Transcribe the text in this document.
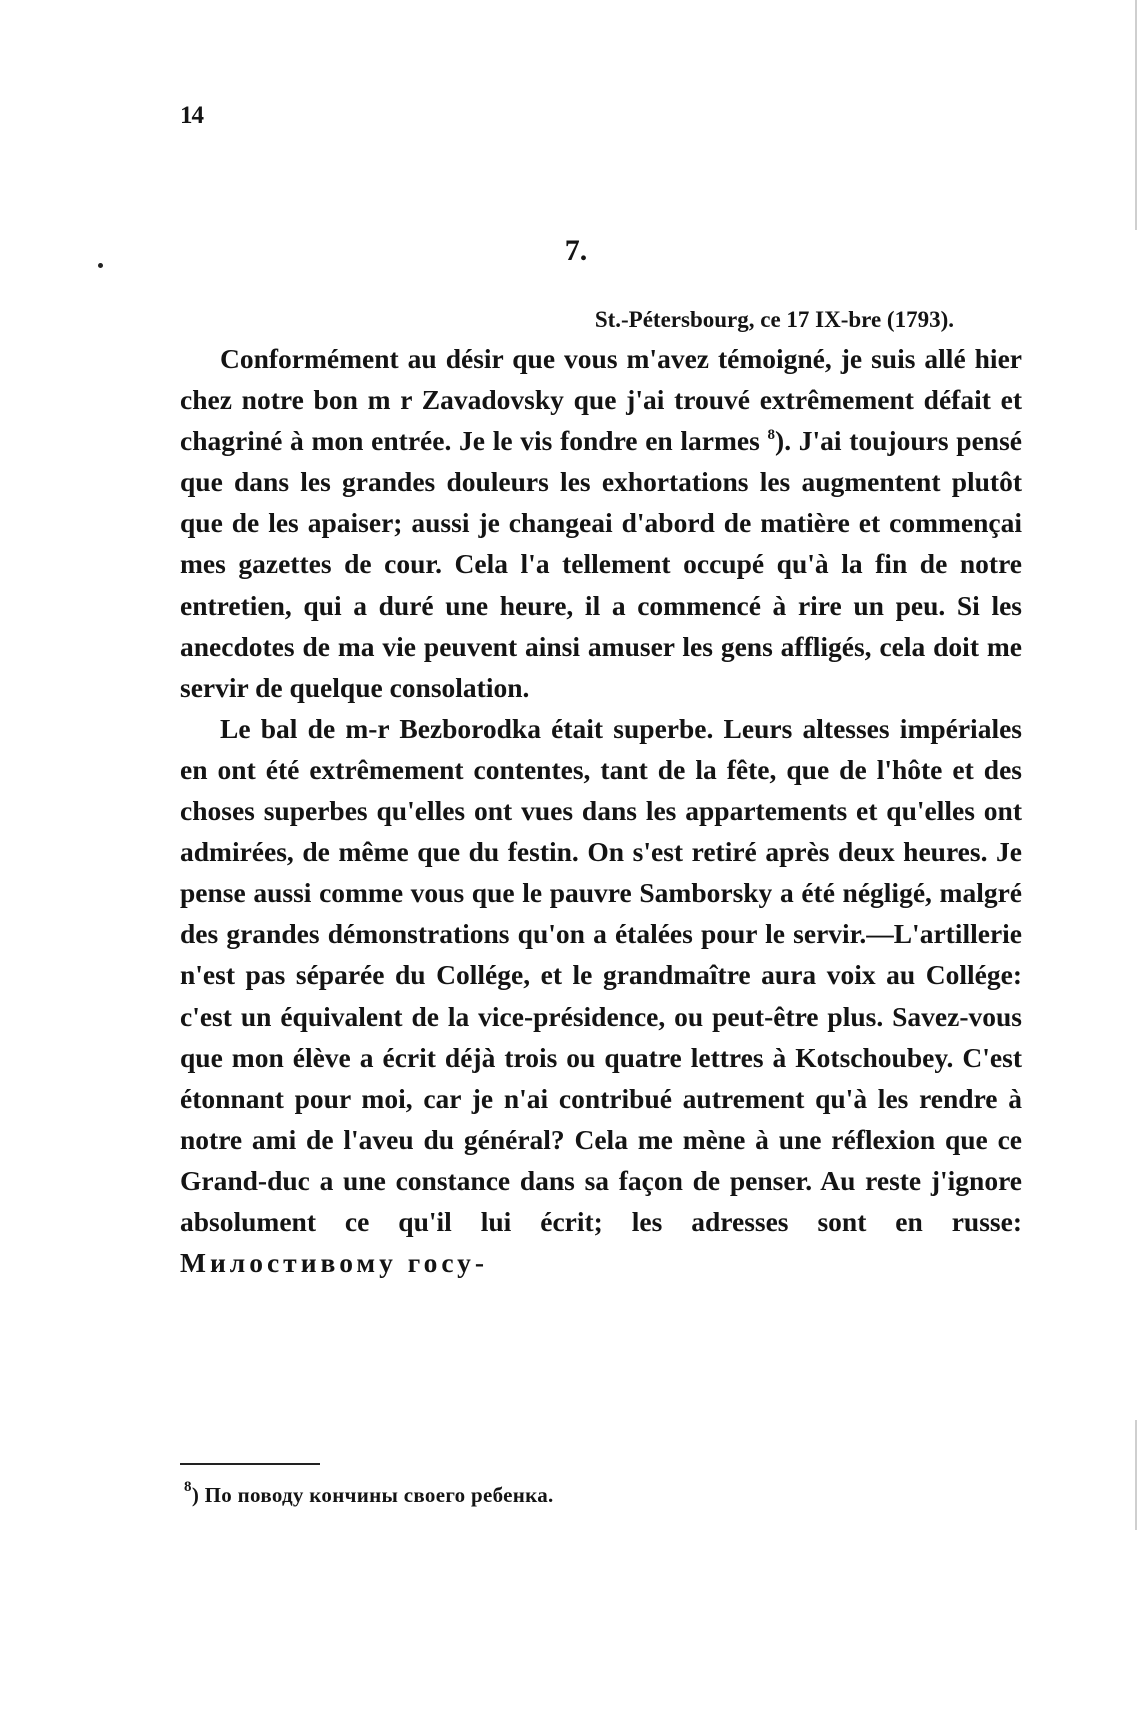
14
7.
St.-Pétersbourg, ce 17 IX-bre (1793).

Conformément au désir que vous m'avez témoigné, je suis allé hier chez notre bon m r Zavadovsky que j'ai trouvé extrêmement défait et chagriné à mon entrée. Je le vis fondre en larmes $^8$). J'ai toujours pensé que dans les grandes douleurs les exhortations les augmentent plutôt que de les apaiser; aussi je changeai d'abord de matière et commençai mes gazettes de cour. Cela l'a tellement occupé qu'à la fin de notre entretien, qui a duré une heure, il a commencé à rire un peu. Si les anecdotes de ma vie peuvent ainsi amuser les gens affligés, cela doit me servir de quelque consolation.

Le bal de m-r Bezborodka était superbe. Leurs altesses impériales en ont été extrêmement contentes, tant de la fête, que de l'hôte et des choses superbes qu'elles ont vues dans les appartements et qu'elles ont admirées, de même que du festin. On s'est retiré après deux heures. Je pense aussi comme vous que le pauvre Samborsky a été négligé, malgré des grandes démonstrations qu'on a étalées pour le servir.—L'artillerie n'est pas séparée du Collége, et le grandmaître aura voix au Collége: c'est un équivalent de la vice-présidence, ou peut-être plus. Savez-vous que mon élève a écrit déjà trois ou quatre lettres à Kotschoubey. C'est étonnant pour moi, car je n'ai contribué autrement qu'à les rendre à notre ami de l'aveu du général? Cela me mène à une réflexion que ce Grand-duc a une constance dans sa façon de penser. Au reste j'ignore absolument ce qu'il lui écrit; les adresses sont en russe: Милостивому госу-

$^8$) По поводу кончины своего ребенка.
